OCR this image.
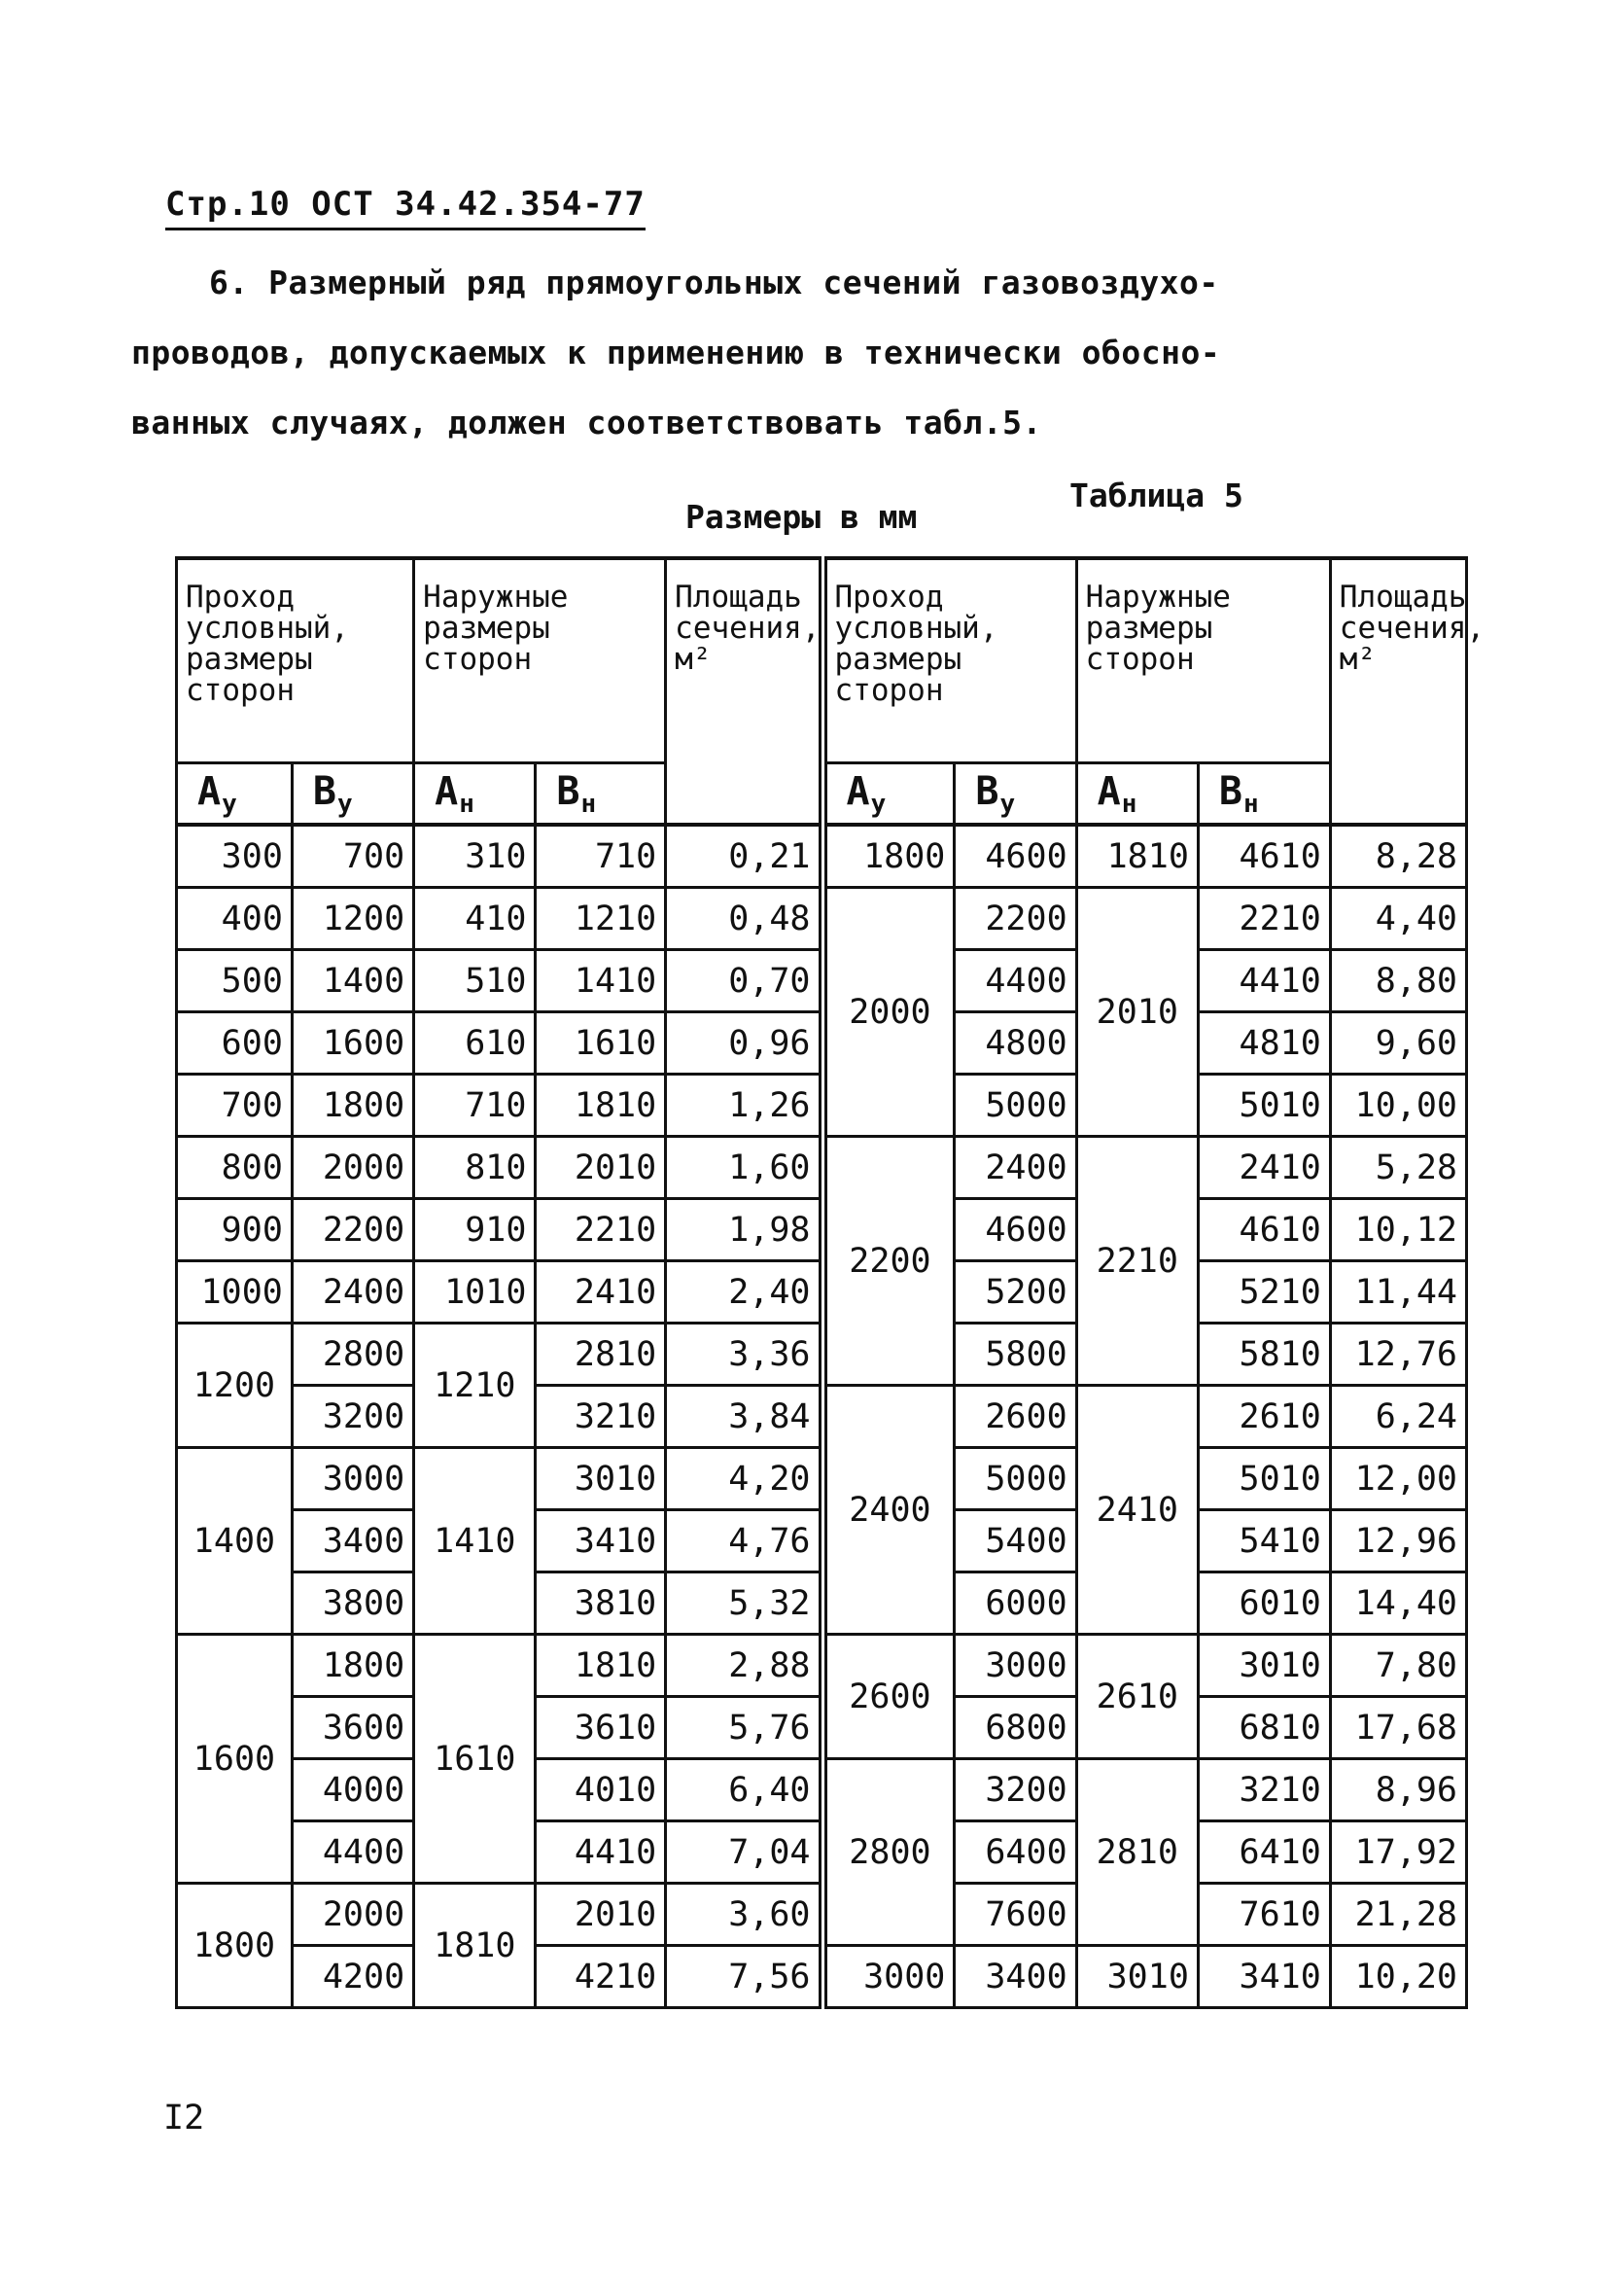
Стр.10 ОСТ 34.42.354-77
6. Размерный ряд прямоугольных сечений газовоздухо-
проводов, допускаемых к применению в технически обосно-
ванных случаях, должен соответствовать табл.5.
Таблица 5
Размеры в мм
Проход условный, размеры сторон		Наружные размеры сторон		Площадь сечения, м²	Проход условный, размеры сторон		Наружные размеры сторон		Площадь сечения, м²
$А_у$	$В_у$	$А_н$	$В_н$		$А_у$	$В_у$	$А_н$	$В_н$
300	700	310	710	0,21	1800	4600	1810	4610	8,28
400	1200	410	1210	0,48	2000	2200	2010	2210	4,40
500	1400	510	1410	0,70		4400		4410	8,80
600	1600	610	1610	0,96		4800		4810	9,60
700	1800	710	1810	1,26		5000		5010	10,00
800	2000	810	2010	1,60	2200	2400	2210	2410	5,28
900	2200	910	2210	1,98		4600		4610	10,12
1000	2400	1010	2410	2,40		5200		5210	11,44
1200	2800	1210	2810	3,36		5800		5810	12,76
	3200		3210	3,84	2400	2600	2410	2610	6,24
1400	3000	1410	3010	4,20		5000		5010	12,00
	3400		3410	4,76		5400		5410	12,96
	3800		3810	5,32		6000		6010	14,40
1600	1800	1610	1810	2,88	2600	3000	2610	3010	7,80
	3600		3610	5,76		6800		6810	17,68
	4000		4010	6,40	2800	3200	2810	3210	8,96
	4400		4410	7,04		6400		6410	17,92
1800	2000	1810	2010	3,60		7600		7610	21,28
	4200		4210	7,56	3000	3400	3010	3410	10,20
I2
